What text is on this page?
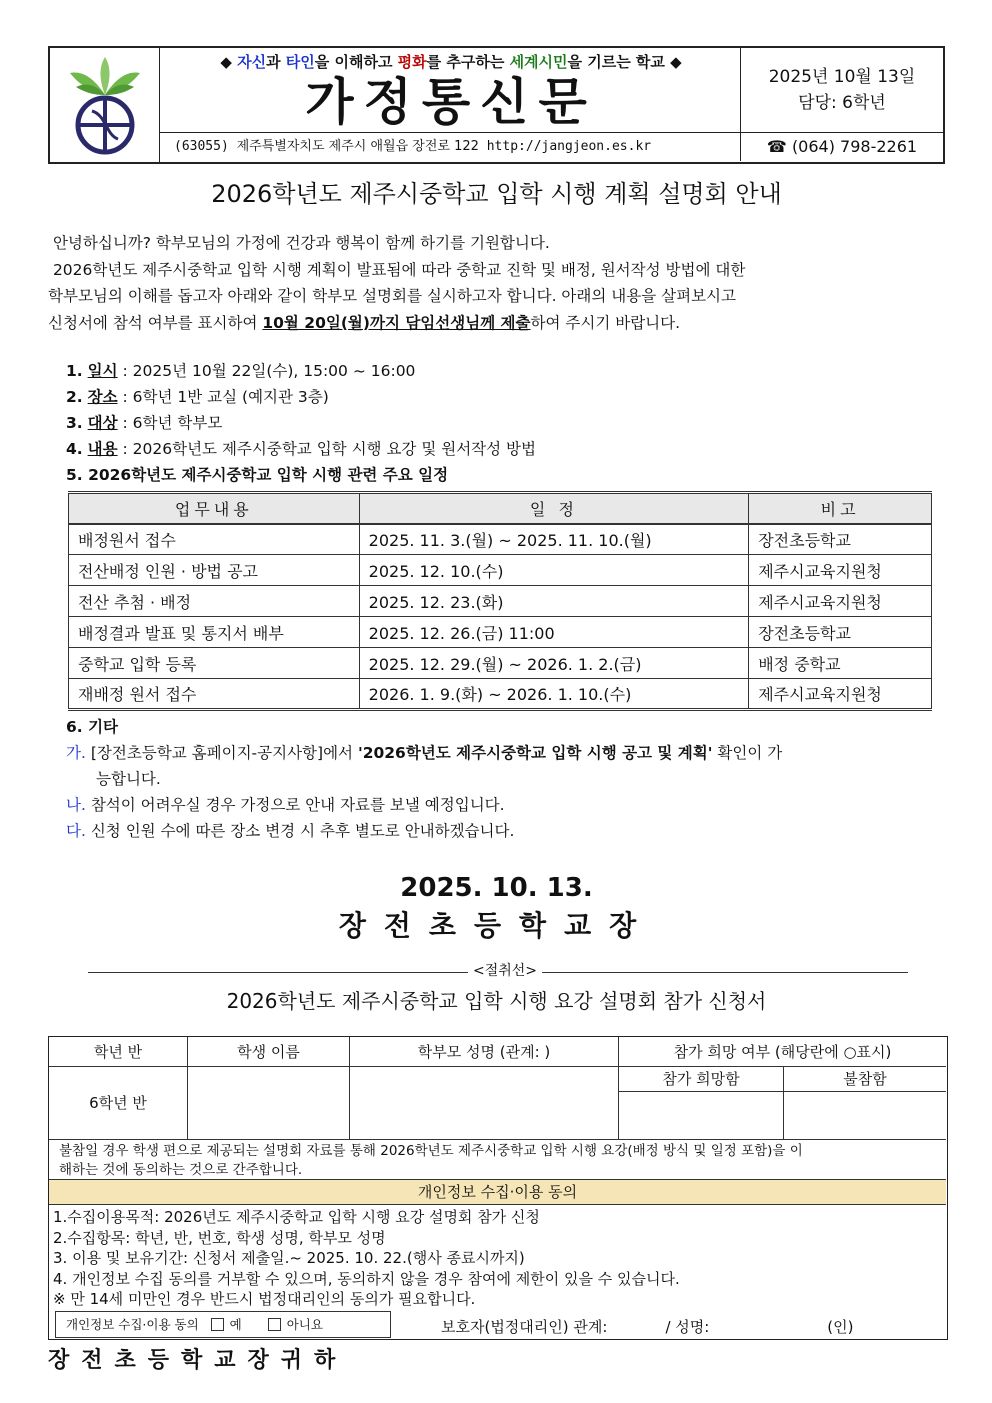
◆ 자신과 타인을 이해하고 평화를 추구하는 세계시민을 기르는 학교 ◆
가정통신문	2025년 10월 13일
담당: 6학년
(63055) 제주특별자치도 제주시 애월읍 장전로 122 http://jangjeon.es.kr	☎ (064) 798-2261
2026학년도 제주시중학교 입학 시행 계획 설명회 안내

안녕하십니까? 학부모님의 가정에 건강과 행복이 함께 하기를 기원합니다.

2026학년도 제주시중학교 입학 시행 계획이 발표됨에 따라 중학교 진학 및 배정, 원서작성 방법에 대한

학부모님의 이해를 돕고자 아래와 같이 학부모 설명회를 실시하고자 합니다. 아래의 내용을 살펴보시고

신청서에 참석 여부를 표시하여 10월 20일(월)까지 담임선생님께 제출하여 주시기 바랍니다.

1. 일시 : 2025년 10월 22일(수), 15:00 ~ 16:00
2. 장소 : 6학년 1반 교실 (예지관 3층)
3. 대상 : 6학년 학부모
4. 내용 : 2026학년도 제주시중학교 입학 시행 요강 및 원서작성 방법
5. 2026학년도 제주시중학교 입학 시행 관련 주요 일정
업무내용	일 정	비고
배정원서 접수	2025. 11. 3.(월) ~ 2025. 11. 10.(월)	장전초등학교
전산배정 인원 · 방법 공고	2025. 12. 10.(수)	제주시교육지원청
전산 추첨 · 배정	2025. 12. 23.(화)	제주시교육지원청
배정결과 발표 및 통지서 배부	2025. 12. 26.(금) 11:00	장전초등학교
중학교 입학 등록	2025. 12. 29.(월) ~ 2026. 1. 2.(금)	배정 중학교
재배정 원서 접수	2026. 1. 9.(화) ~ 2026. 1. 10.(수)	제주시교육지원청
6. 기타
가. [장전초등학교 홈페이지-공지사항]에서 '2026학년도 제주시중학교 입학 시행 공고 및 계획' 확인이 가
능합니다.
나. 참석이 어려우실 경우 가정으로 안내 자료를 보낼 예정입니다.
다. 신청 인원 수에 따른 장소 변경 시 추후 별도로 안내하겠습니다.
2025. 10. 13.
장전초등학교장
<절취선>
2026학년도 제주시중학교 입학 시행 요강 설명회 참가 신청서
학년 반	학생 이름	학부모 성명 (관계: )	참가 희망 여부 (해당란에 ○표시)
참가 희망함	불참함
6학년 반
불참일 경우 학생 편으로 제공되는 설명회 자료를 통해 2026학년도 제주시중학교 입학 시행 요강(배정 방식 및 일정 포함)을 이
해하는 것에 동의하는 것으로 간주합니다.
개인정보 수집·이용 동의
1.수집이용목적: 2026년도 제주시중학교 입학 시행 요강 설명회 참가 신청
2.수집항목: 학년, 반, 번호, 학생 성명, 학부모 성명
3. 이용 및 보유기간: 신청서 제출일.~ 2025. 10. 22.(행사 종료시까지)
4. 개인정보 수집 동의를 거부할 수 있으며, 동의하지 않을 경우 참여에 제한이 있을 수 있습니다.
※ 만 14세 미만인 경우 반드시 법정대리인의 동의가 필요합니다.
개인정보 수집·이용 동의 예	아니요	보호자(법정대리인) 관계:	/ 성명:	(인)
장전초등학교장귀하
